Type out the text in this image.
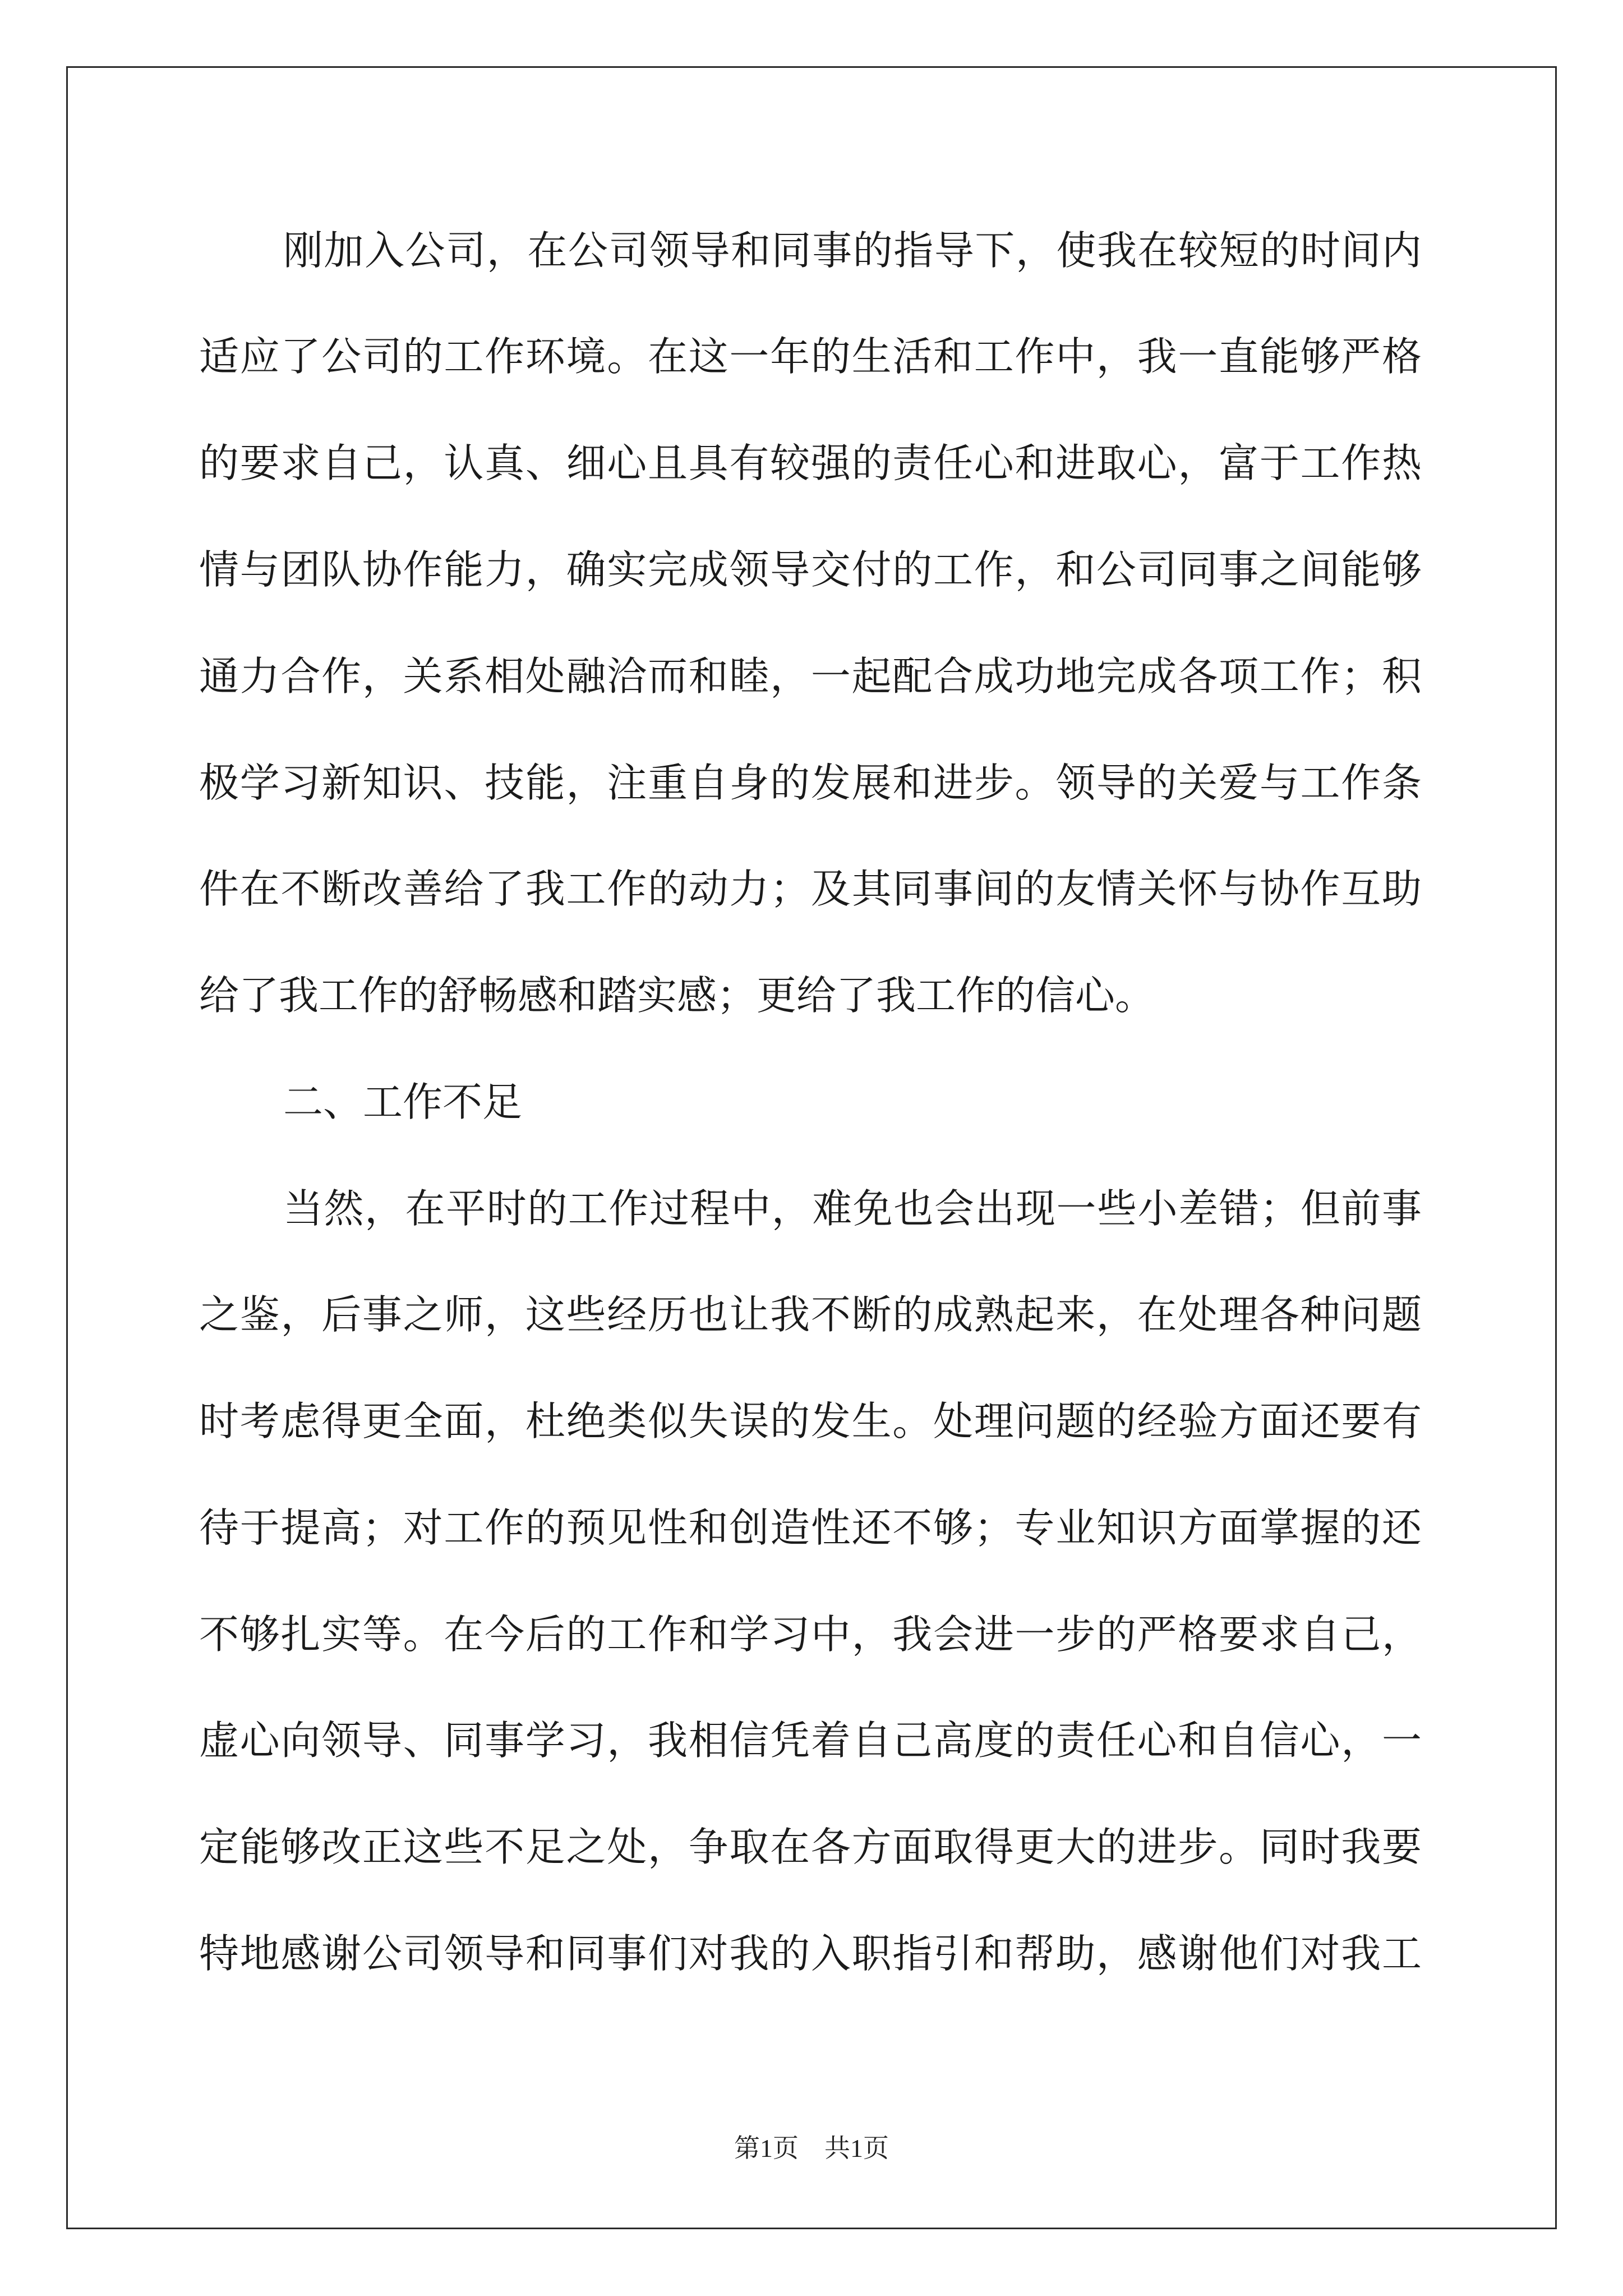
刚加入公司，在公司领导和同事的指导下，使我在较短的时间内
适应了公司的工作环境。在这一年的生活和工作中，我一直能够严格
的要求自己，认真、细心且具有较强的责任心和进取心，富于工作热
情与团队协作能力，确实完成领导交付的工作，和公司同事之间能够
通力合作，关系相处融洽而和睦，一起配合成功地完成各项工作；积
极学习新知识、技能，注重自身的发展和进步。领导的关爱与工作条
件在不断改善给了我工作的动力；及其同事间的友情关怀与协作互助
给了我工作的舒畅感和踏实感；更给了我工作的信心。
二、工作不足
当然，在平时的工作过程中，难免也会出现一些小差错；但前事
之鉴，后事之师，这些经历也让我不断的成熟起来，在处理各种问题
时考虑得更全面，杜绝类似失误的发生。处理问题的经验方面还要有
待于提高；对工作的预见性和创造性还不够；专业知识方面掌握的还
不够扎实等。在今后的工作和学习中，我会进一步的严格要求自己，
虚心向领导、同事学习，我相信凭着自己高度的责任心和自信心，一
定能够改正这些不足之处，争取在各方面取得更大的进步。同时我要
特地感谢公司领导和同事们对我的入职指引和帮助，感谢他们对我工
第1页　共1页
